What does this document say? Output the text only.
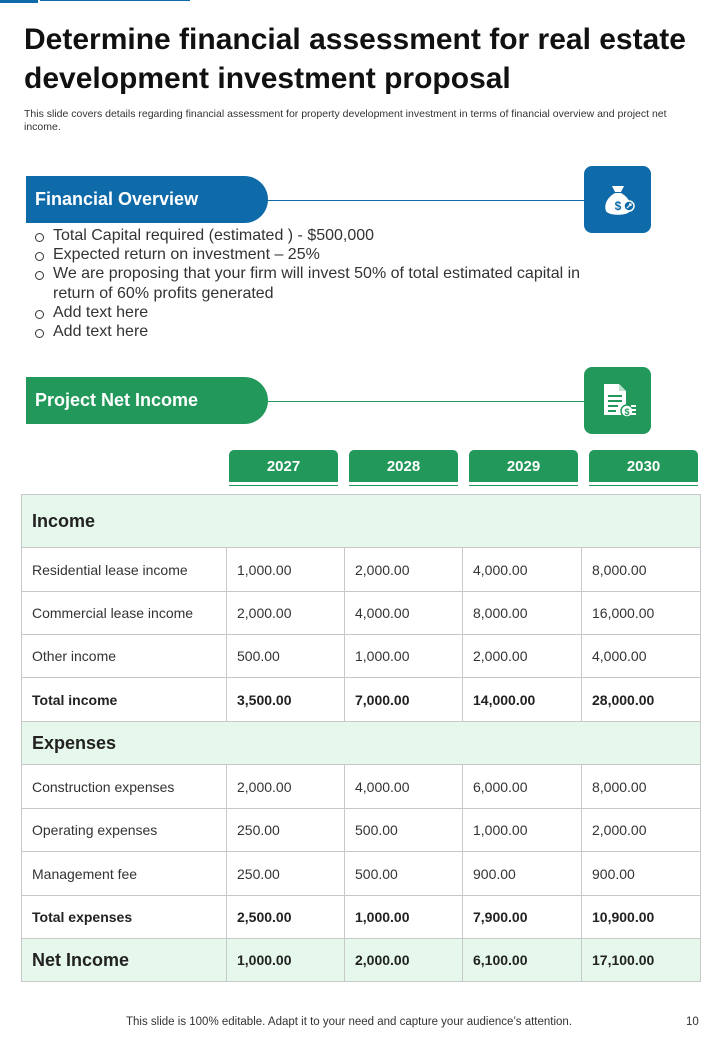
Determine financial assessment for real estate development investment proposal

This slide covers details regarding financial assessment for property development investment in terms of financial overview and project net income.

Financial Overview	$
Total Capital required (estimated ) - $500,000
Expected return on investment – 25%
We are proposing that your firm will invest 50% of total estimated capital in return of 60% profits generated
Add text here
Add text here
Project Net Income
$
2027	2028	2029	2030
Income				
Residential lease income	1,000.00	2,000.00	4,000.00	8,000.00
Commercial lease income	2,000.00	4,000.00	8,000.00	16,000.00
Other income	500.00	1,000.00	2,000.00	4,000.00
Total income	3,500.00	7,000.00	14,000.00	28,000.00
Expenses				
Construction expenses	2,000.00	4,000.00	6,000.00	8,000.00
Operating expenses	250.00	500.00	1,000.00	2,000.00
Management fee	250.00	500.00	900.00	900.00
Total expenses	2,500.00	1,000.00	7,900.00	10,900.00
Net Income	1,000.00	2,000.00	6,100.00	17,100.00
This slide is 100% editable. Adapt it to your need and capture your audience’s attention.	10
